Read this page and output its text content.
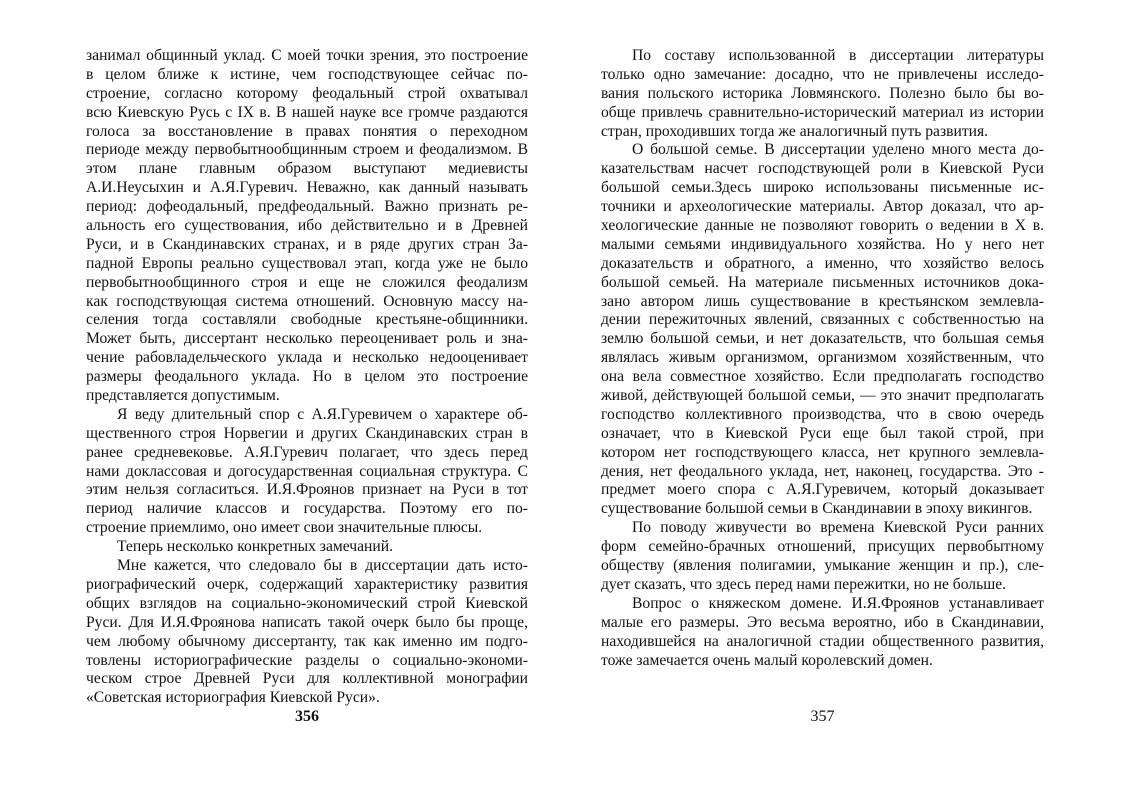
занимал общинный уклад. С моей точки зрения, это построение
в целом ближе к истине, чем господствующее сейчас по-
строение, согласно которому феодальный строй охватывал
всю Киевскую Русь с IX в. В нашей науке все громче раздаются
голоса за восстановление в правах понятия о переходном
периоде между первобытнообщинным строем и феодализмом. В
этом плане главным образом выступают медиевисты
А.И.Неусыхин и А.Я.Гуревич. Неважно, как данный называть
период: дофеодальный, предфеодальный. Важно признать ре-
альность его существования, ибо действительно и в Древней
Руси, и в Скандинавских странах, и в ряде других стран За-
падной Европы реально существовал этап, когда уже не было
первобытнообщинного строя и еще не сложился феодализм
как господствующая система отношений. Основную массу на-
селения тогда составляли свободные крестьяне-общинники.
Может быть, диссертант несколько переоценивает роль и зна-
чение рабовладельческого уклада и несколько недооценивает
размеры феодального уклада. Но в целом это построение
представляется допустимым.
Я веду длительный спор с А.Я.Гуревичем о характере об-
щественного строя Норвегии и других Скандинавских стран в
ранее средневековье. А.Я.Гуревич полагает, что здесь перед
нами доклассовая и догосударственная социальная структура. С
этим нельзя согласиться. И.Я.Фроянов признает на Руси в тот
период наличие классов и государства. Поэтому его по-
строение приемлимо, оно имеет свои значительные плюсы.
Теперь несколько конкретных замечаний.
Мне кажется, что следовало бы в диссертации дать исто-
риографический очерк, содержащий характеристику развития
общих взглядов на социально-экономический строй Киевской
Руси. Для И.Я.Фроянова написать такой очерк было бы проще,
чем любому обычному диссертанту, так как именно им подго-
товлены историографические разделы о социально-экономи-
ческом строе Древней Руси для коллективной монографии
«Советская историография Киевской Руси».
356
По составу использованной в диссертации литературы
только одно замечание: досадно, что не привлечены исследо-
вания польского историка Ловмянского. Полезно было бы во-
обще привлечь сравнительно-исторический материал из истории
стран, проходивших тогда же аналогичный путь развития.
О большой семье. В диссертации уделено много места до-
казательствам насчет господствующей роли в Киевской Руси
большой семьи.Здесь широко использованы письменные ис-
точники и археологические материалы. Автор доказал, что ар-
хеологические данные не позволяют говорить о ведении в X в.
малыми семьями индивидуального хозяйства. Но у него нет
доказательств и обратного, а именно, что хозяйство велось
большой семьей. На материале письменных источников дока-
зано автором лишь существование в крестьянском землевла-
дении пережиточных явлений, связанных с собственностью на
землю большой семьи, и нет доказательств, что большая семья
являлась живым организмом, организмом хозяйственным, что
она вела совместное хозяйство. Если предполагать господство
живой, действующей большой семьи, — это значит предполагать
господство коллективного производства, что в свою очередь
означает, что в Киевской Руси еще был такой строй, при
котором нет господствующего класса, нет крупного землевла-
дения, нет феодального уклада, нет, наконец, государства. Это -
предмет моего спора с А.Я.Гуревичем, который доказывает
существование большой семьи в Скандинавии в эпоху викингов.
По поводу живучести во времена Киевской Руси ранних
форм семейно-брачных отношений, присущих первобытному
обществу (явления полигамии, умыкание женщин и пр.), сле-
дует сказать, что здесь перед нами пережитки, но не больше.
Вопрос о княжеском домене. И.Я.Фроянов устанавливает
малые его размеры. Это весьма вероятно, ибо в Скандинавии,
находившейся на аналогичной стадии общественного развития,
тоже замечается очень малый королевский домен.
357
